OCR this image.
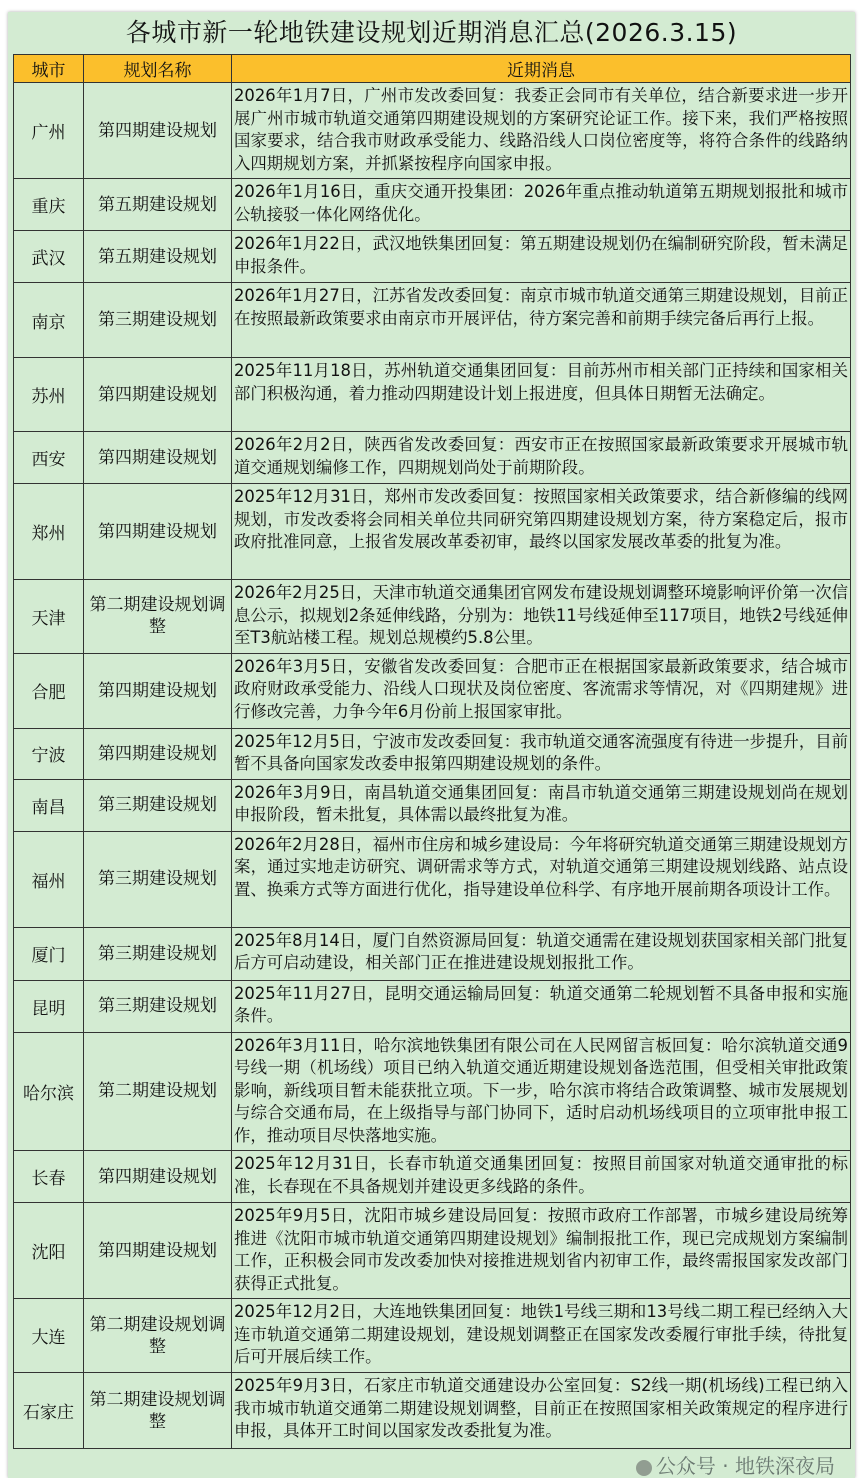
各城市新一轮地铁建设规划近期消息汇总(2026.3.15)
城市	规划名称	近期消息
广州	第四期建设规划	2026年1月7日，广州市发改委回复：我委正会同市有关单位，结合新要求进一步开展广州市城市轨道交通第四期建设规划的方案研究论证工作。接下来，我们严格按照国家要求，结合我市财政承受能力、线路沿线人口岗位密度等，将符合条件的线路纳入四期规划方案，并抓紧按程序向国家申报。
重庆	第五期建设规划	2026年1月16日，重庆交通开投集团：2026年重点推动轨道第五期规划报批和城市公轨接驳一体化网络优化。
武汉	第五期建设规划	2026年1月22日，武汉地铁集团回复：第五期建设规划仍在编制研究阶段，暂未满足申报条件。
南京	第三期建设规划	2026年1月27日，江苏省发改委回复：南京市城市轨道交通第三期建设规划，目前正在按照最新政策要求由南京市开展评估，待方案完善和前期手续完备后再行上报。
苏州	第四期建设规划	2025年11月18日，苏州轨道交通集团回复：目前苏州市相关部门正持续和国家相关部门积极沟通，着力推动四期建设计划上报进度，但具体日期暂无法确定。
西安	第四期建设规划	2026年2月2日，陕西省发改委回复：西安市正在按照国家最新政策要求开展城市轨道交通规划编修工作，四期规划尚处于前期阶段。
郑州	第四期建设规划	2025年12月31日，郑州市发改委回复：按照国家相关政策要求，结合新修编的线网规划，市发改委将会同相关单位共同研究第四期建设规划方案，待方案稳定后，报市政府批准同意，上报省发展改革委初审，最终以国家发展改革委的批复为准。
天津	第二期建设规划调整	2026年2月25日，天津市轨道交通集团官网发布建设规划调整环境影响评价第一次信息公示，拟规划2条延伸线路，分别为：地铁11号线延伸至117项目，地铁2号线延伸至T3航站楼工程。规划总规模约5.8公里。
合肥	第四期建设规划	2026年3月5日，安徽省发改委回复：合肥市正在根据国家最新政策要求，结合城市政府财政承受能力、沿线人口现状及岗位密度、客流需求等情况，对《四期建规》进行修改完善，力争今年6月份前上报国家审批。
宁波	第四期建设规划	2025年12月5日，宁波市发改委回复：我市轨道交通客流强度有待进一步提升，目前暂不具备向国家发改委申报第四期建设规划的条件。
南昌	第三期建设规划	2026年3月9日，南昌轨道交通集团回复：南昌市轨道交通第三期建设规划尚在规划申报阶段，暂未批复，具体需以最终批复为准。
福州	第三期建设规划	2026年2月28日，福州市住房和城乡建设局：今年将研究轨道交通第三期建设规划方案，通过实地走访研究、调研需求等方式，对轨道交通第三期建设规划线路、站点设置、换乘方式等方面进行优化，指导建设单位科学、有序地开展前期各项设计工作。
厦门	第三期建设规划	2025年8月14日，厦门自然资源局回复：轨道交通需在建设规划获国家相关部门批复后方可启动建设，相关部门正在推进建设规划报批工作。
昆明	第三期建设规划	2025年11月27日，昆明交通运输局回复：轨道交通第二轮规划暂不具备申报和实施条件。
哈尔滨	第二期建设规划	2026年3月11日，哈尔滨地铁集团有限公司在人民网留言板回复：哈尔滨轨道交通9号线一期（机场线）项目已纳入轨道交通近期建设规划备选范围，但受相关审批政策影响，新线项目暂未能获批立项。下一步，哈尔滨市将结合政策调整、城市发展规划与综合交通布局，在上级指导与部门协同下，适时启动机场线项目的立项审批申报工作，推动项目尽快落地实施。
长春	第四期建设规划	2025年12月31日，长春市轨道交通集团回复：按照目前国家对轨道交通审批的标准，长春现在不具备规划并建设更多线路的条件。
沈阳	第四期建设规划	2025年9月5日，沈阳市城乡建设局回复：按照市政府工作部署，市城乡建设局统筹推进《沈阳市城市轨道交通第四期建设规划》编制报批工作，现已完成规划方案编制工作，正积极会同市发改委加快对接推进规划省内初审工作，最终需报国家发改部门获得正式批复。
大连	第二期建设规划调整	2025年12月2日，大连地铁集团回复：地铁1号线三期和13号线二期工程已经纳入大连市轨道交通第二期建设规划，建设规划调整正在国家发改委履行审批手续，待批复后可开展后续工作。
石家庄	第二期建设规划调整	2025年9月3日，石家庄市轨道交通建设办公室回复：S2线一期(机场线)工程已纳入我市城市轨道交通第二期建设规划调整，目前正在按照国家相关政策规定的程序进行申报，具体开工时间以国家发改委批复为准。
公众号 · 地铁深夜局
